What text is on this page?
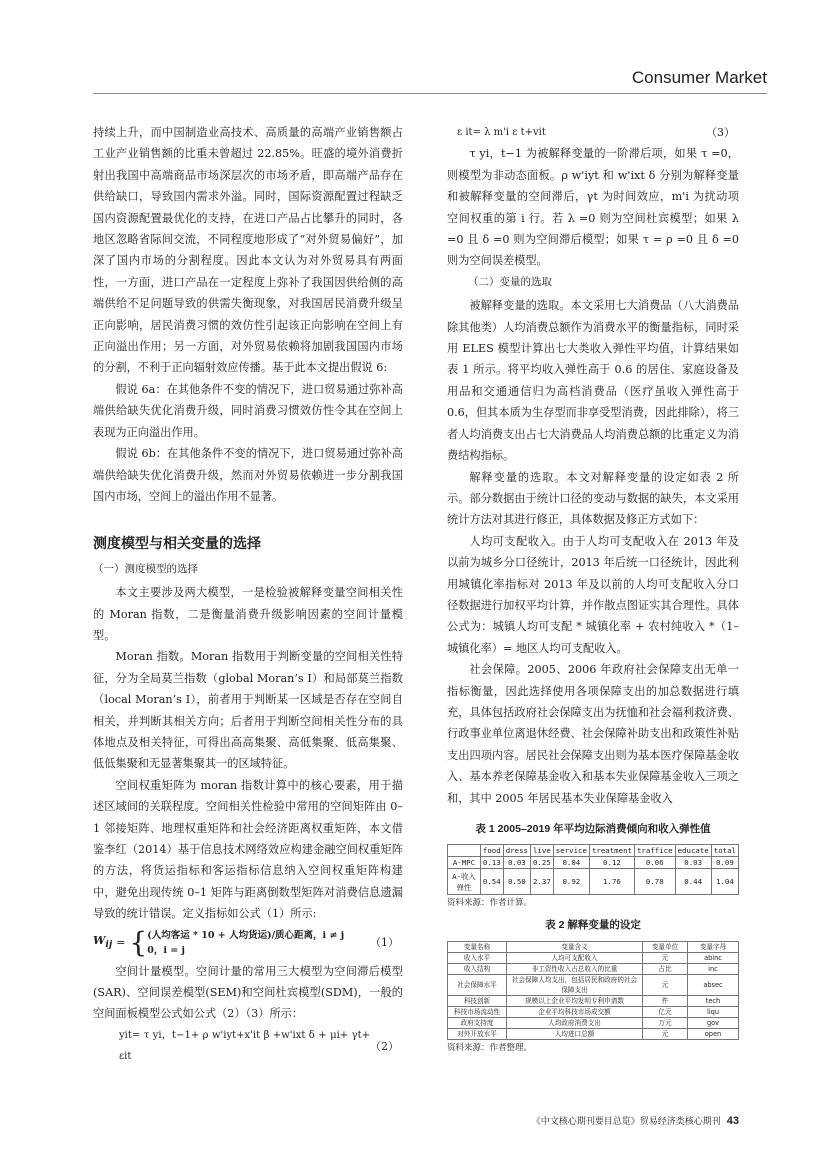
Consumer Market

持续上升，而中国制造业高技术、高质量的高端产业销售额占工业产业销售额的比重未曾超过 22.85%。旺盛的境外消费折射出我国中高端商品市场深层次的市场矛盾，即高端产品存在供给缺口，导致国内需求外溢。同时，国际资源配置过程缺乏国内资源配置最优化的支持，在进口产品占比攀升的同时，各地区忽略省际间交流，不同程度地形成了“对外贸易偏好”，加深了国内市场的分割程度。因此本文认为对外贸易具有两面性，一方面，进口产品在一定程度上弥补了我国因供给侧的高端供给不足问题导致的供需失衡现象，对我国居民消费升级呈正向影响，居民消费习惯的效仿性引起该正向影响在空间上有正向溢出作用；另一方面，对外贸易依赖将加剧我国国内市场的分割，不利于正向辐射效应传播。基于此本文提出假说 6:

假说 6a：在其他条件不变的情况下，进口贸易通过弥补高端供给缺失优化消费升级，同时消费习惯效仿性令其在空间上表现为正向溢出作用。

假说 6b：在其他条件不变的情况下，进口贸易通过弥补高端供给缺失优化消费升级，然而对外贸易依赖进一步分割我国国内市场，空间上的溢出作用不显著。

测度模型与相关变量的选择

（一）测度模型的选择

本文主要涉及两大模型，一是检验被解释变量空间相关性的 Moran 指数，二是衡量消费升级影响因素的空间计量模型。

Moran 指数。Moran 指数用于判断变量的空间相关性特征，分为全局莫兰指数（global Moran’s Ⅰ）和局部莫兰指数（local Moran’s Ⅰ），前者用于判断某一区域是否存在空间自相关，并判断其相关方向；后者用于判断空间相关性分布的具体地点及相关特征，可得出高高集聚、高低集聚、低高集聚、低低集聚和无显著集聚其一的区域特征。

空间权重矩阵为 moran 指数计算中的核心要素，用于描述区域间的关联程度。空间相关性检验中常用的空间矩阵由 0–1 邻接矩阵、地理权重矩阵和社会经济距离权重矩阵，本文借鉴李红（2014）基于信息技术网络效应构建金融空间权重矩阵的方法，将货运指标和客运指标信息纳入空间权重矩阵构建中，避免出现传统 0–1 矩阵与距离倒数型矩阵对消费信息遗漏导致的统计错误。定义指标如公式（1）所示:

$W_{ij}$ = { (人均客运 * 10 + 人均货运)/质心距离，i ≠ j
0，i = j
（1）

空间计量模型。空间计量的常用三大模型为空间滞后模型(SAR)、空间误差模型(SEM)和空间杜宾模型(SDM)，一般的空间面板模型公式如公式（2）（3）所示：

yit= τ yi，t−1+ ρ w'iyt+x'it β +w'ixt δ + μi+ γt+ εit
（2）
ε it= λ m'i ε t+vit	（3）

τ yi，t−1 为被解释变量的一阶滞后项，如果 τ =0，则模型为非动态面板。ρ w'iyt 和 w'ixt δ 分别为解释变量和被解释变量的空间滞后，γt 为时间效应，m'i 为扰动项空间权重的第 i 行。若 λ =0 则为空间杜宾模型；如果 λ =0 且 δ =0 则为空间滞后模型；如果 τ = ρ =0 且 δ =0 则为空间误差模型。

（二）变量的选取

被解释变量的选取。本文采用七大消费品（八大消费品除其他类）人均消费总额作为消费水平的衡量指标，同时采用 ELES 模型计算出七大类收入弹性平均值，计算结果如表 1 所示。将平均收入弹性高于 0.6 的居住、家庭设备及用品和交通通信归为高档消费品（医疗虽收入弹性高于 0.6，但其本质为生存型而非享受型消费，因此排除），将三者人均消费支出占七大消费品人均消费总额的比重定义为消费结构指标。

解释变量的选取。本文对解释变量的设定如表 2 所示。部分数据由于统计口径的变动与数据的缺失，本文采用统计方法对其进行修正，具体数据及修正方式如下：

人均可支配收入。由于人均可支配收入在 2013 年及以前为城乡分口径统计，2013 年后统一口径统计，因此利用城镇化率指标对 2013 年及以前的人均可支配收入分口径数据进行加权平均计算，并作散点图证实其合理性。具体公式为：城镇人均可支配 * 城镇化率 + 农村纯收入 *（1–城镇化率）= 地区人均可支配收入。

社会保障。2005、2006 年政府社会保障支出无单一指标衡量，因此选择使用各项保障支出的加总数据进行填充，具体包括政府社会保障支出为抚恤和社会福利救济费、行政事业单位离退休经费、社会保障补助支出和政策性补贴支出四项内容。居民社会保障支出则为基本医疗保障基金收入、基本养老保障基金收入和基本失业保障基金收入三项之和，其中 2005 年居民基本失业保障基金收入

表 1 2005–2019 年平均边际消费倾向和收入弹性值

	food	dress	live	service	treatment	traffice	educate	total
A-MPC	0.13	0.03	0.25	0.04	0.12	0.06	0.03	0.09
A-收入弹性	0.54	0.50	2.37	0.92	1.76	0.78	0.44	1.04

资料来源：作者计算。

表 2 解释变量的设定

变量名称	变量含义	变量单位	变量字母
收入水平	人均可支配收入	元	abinc
收入结构	非工资性收入占总收入的比重	占比	inc
社会保障水平	社会保障人均支出，包括居民和政府的社会保障支出	元	absec
科技创新	规模以上企业平均发明专利申请数	件	tech
科技市场流动性	企业平均科技市场成交额	亿元	liqu
政府支持度	人均政府消费支出	万元	gov
对外开放水平	人均进口总额	元	open

资料来源：作者整理。

《中文核心期刊要目总览》贸易经济类核心期刊 43
